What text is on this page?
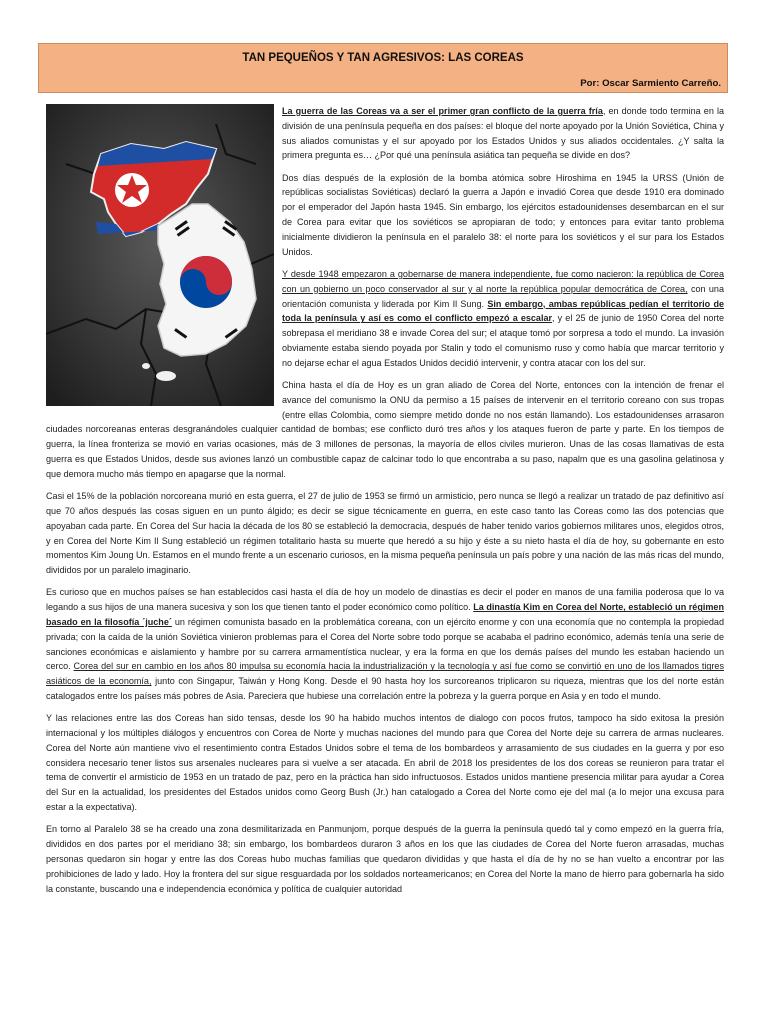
TAN PEQUEÑOS Y TAN AGRESIVOS: LAS COREAS
Por: Oscar Sarmiento Carreño.

La guerra de las Coreas va a ser el primer gran conflicto de la guerra fría, en donde todo termina en la división de una península pequeña en dos países: el bloque del norte apoyado por la Unión Soviética, China y sus aliados comunistas y el sur apoyado por los Estados Unidos y sus aliados occidentales. ¿Y salta la primera pregunta es… ¿Por qué una península asiática tan pequeña se divide en dos?

Dos días después de la explosión de la bomba atómica sobre Hiroshima en 1945 la URSS (Unión de repúblicas socialistas Soviéticas) declaró la guerra a Japón e invadió Corea que desde 1910 era dominado por el emperador del Japón hasta 1945. Sin embargo, los ejércitos estadounidenses desembarcan en el sur de Corea para evitar que los soviéticos se apropiaran de todo; y entonces para evitar tanto problema inicialmente dividieron la península en el paralelo 38: el norte para los soviéticos y el sur para los Estados Unidos.

Y desde 1948 empezaron a gobernarse de manera independiente, fue como nacieron: la república de Corea con un gobierno un poco conservador al sur y al norte la república popular democrática de Corea, con una orientación comunista y liderada por Kim Il Sung. Sin embargo, ambas repúblicas pedían el territorio de toda la península y así es como el conflicto empezó a escalar, y el 25 de junio de 1950 Corea del norte sobrepasa el meridiano 38 e invade Corea del sur; el ataque tomó por sorpresa a todo el mundo. La invasión obviamente estaba siendo poyada por Stalin y todo el comunismo ruso y como había que marcar territorio y no dejarse echar el agua Estados Unidos decidió intervenir, y contra atacar con los del sur.

China hasta el día de Hoy es un gran aliado de Corea del Norte, entonces con la intención de frenar el avance del comunismo la ONU da permiso a 15 países de intervenir en el territorio coreano con sus tropas (entre ellas Colombia, como siempre metido donde no nos están llamando). Los estadounidenses arrasaron ciudades norcoreanas enteras desgranándoles cualquier cantidad de bombas; ese conflicto duró tres años y los ataques fueron de parte y parte. En los tiempos de guerra, la línea fronteriza se movió en varias ocasiones, más de 3 millones de personas, la mayoría de ellos civiles murieron. Unas de las cosas llamativas de esta guerra es que Estados Unidos, desde sus aviones lanzó un combustible capaz de calcinar todo lo que encontraba a su paso, napalm que es una gasolina gelatinosa y que demora mucho más tiempo en apagarse que la normal.

Casi el 15% de la población norcoreana murió en esta guerra, el 27 de julio de 1953 se firmó un armisticio, pero nunca se llegó a realizar un tratado de paz definitivo así que 70 años después las cosas siguen en un punto álgido; es decir se sigue técnicamente en guerra, en este caso tanto las Coreas como las dos potencias que apoyaban cada parte. En Corea del Sur hacia la década de los 80 se estableció la democracia, después de haber tenido varios gobiernos militares unos, elegidos otros, y en Corea del Norte Kim Il Sung estableció un régimen totalitario hasta su muerte que heredó a su hijo y éste a su nieto hasta el día de hoy, su gobernante en esto momentos Kim Joung Un. Estamos en el mundo frente a un escenario curiosos, en la misma pequeña península un país pobre y una nación de las más ricas del mundo, divididos por un paralelo imaginario.

Es curioso que en muchos países se han establecidos casi hasta el día de hoy un modelo de dinastías es decir el poder en manos de una familia poderosa que lo va legando a sus hijos de una manera sucesiva y son los que tienen tanto el poder económico como político. La dinastía Kim en Corea del Norte, estableció un régimen basado en la filosofía ´juche´ un régimen comunista basado en la problemática coreana, con un ejército enorme y con una economía que no contempla la propiedad privada; con la caída de la unión Soviética vinieron problemas para el Corea del Norte sobre todo porque se acababa el padrino económico, además tenía una serie de sanciones económicas e aislamiento y hambre por su carrera armamentística nuclear, y era la forma en que los demás países del mundo les estaban haciendo un cerco. Corea del sur en cambio en los años 80 impulsa su economía hacia la industrialización y la tecnología y así fue como se convirtió en uno de los llamados tigres asiáticos de la economía, junto con Singapur, Taiwán y Hong Kong. Desde el 90 hasta hoy los surcoreanos triplicaron su riqueza, mientras que los del norte están catalogados entre los países más pobres de Asia. Pareciera que hubiese una correlación entre la pobreza y la guerra porque en Asia y en todo el mundo.

Y las relaciones entre las dos Coreas han sido tensas, desde los 90 ha habido muchos intentos de dialogo con pocos frutos, tampoco ha sido exitosa la presión internacional y los múltiples diálogos y encuentros con Corea de Norte y muchas naciones del mundo para que Corea del Norte deje su carrera de armas nucleares. Corea del Norte aún mantiene vivo el resentimiento contra Estados Unidos sobre el tema de los bombardeos y arrasamiento de sus ciudades en la guerra y por eso considera necesario tener listos sus arsenales nucleares para si vuelve a ser atacada. En abril de 2018 los presidentes de los dos coreas se reunieron para tratar el tema de convertir el armisticio de 1953 en un tratado de paz, pero en la práctica han sido infructuosos. Estados unidos mantiene presencia militar para ayudar a Corea del Sur en la actualidad, los presidentes del Estados unidos como Georg Bush (Jr.) han catalogado a Corea del Norte como eje del mal (a lo mejor una excusa para estar a la expectativa).

En torno al Paralelo 38 se ha creado una zona desmilitarizada en Panmunjom, porque después de la guerra la península quedó tal y como empezó en la guerra fría, divididos en dos partes por el meridiano 38; sin embargo, los bombardeos duraron 3 años en los que las ciudades de Corea del Norte fueron arrasadas, muchas personas quedaron sin hogar y entre las dos Coreas hubo muchas familias que quedaron divididas y que hasta el día de hy no se han vuelto a encontrar por las prohibiciones de lado y lado. Hoy la frontera del sur sigue resguardada por los soldados norteamericanos; en Corea del Norte la mano de hierro para gobernarla ha sido la constante, buscando una e independencia económica y política de cualquier autoridad
